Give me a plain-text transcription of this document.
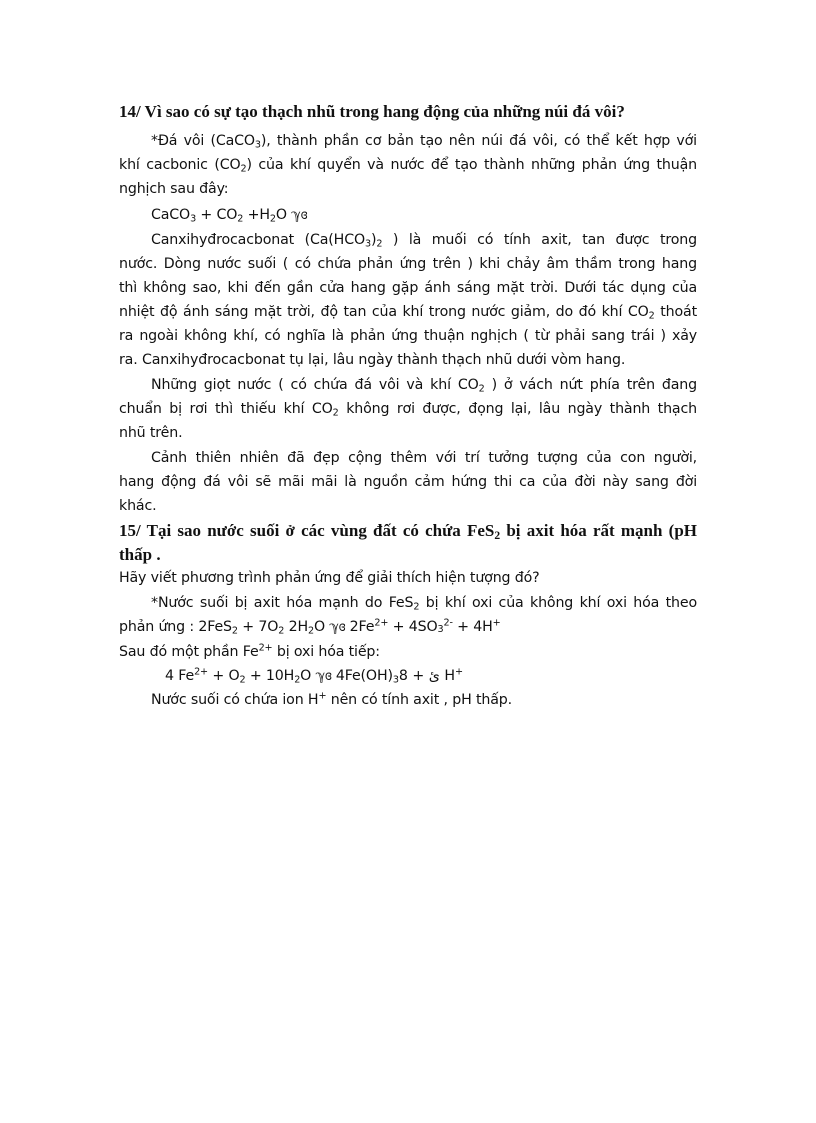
14/ Vì sao có sự tạo thạch nhũ trong hang động của những núi đá vôi?
*Đá vôi (CaCO$_3$), thành phần cơ bản tạo nên núi đá vôi, có thể kết hợp với
khí cacbonic $(CO_2)$ của khí quyển và nước để tạo thành những phản ứng thuận
nghịch sau đây:
CaCO$_3$ + $CO_2 +H_2O$ ℽɞ
Canxihyđrocacbonat ($Ca(HCO_3)_2$ ) là muối có tính axit, tan được trong
nước. Dòng nước suối ( có chứa phản ứng trên ) khi chảy âm thầm trong hang
thì không sao, khi đến gần cửa hang gặp ánh sáng mặt trời. Dưới tác dụng của
nhiệt độ ánh sáng mặt trời, độ tan của khí trong nước giảm, do đó khí $CO_2$ thoát
ra ngoài không khí, có nghĩa là phản ứng thuận nghịch ( từ phải sang trái ) xảy
ra. Canxihyđrocacbonat tụ lại, lâu ngày thành thạch nhũ dưới vòm hang.
Những giọt nước ( có chứa đá vôi và khí $CO_2$ ) ở vách nứt phía trên đang
chuẩn bị rơi thì thiếu khí $CO_2$ không rơi được, đọng lại, lâu ngày thành thạch
nhũ trên.
Cảnh thiên nhiên đã đẹp cộng thêm với trí tưởng tượng của con người,
hang động đá vôi sẽ mãi mãi là nguồn cảm hứng thi ca của đời này sang đời
khác.
15/ Tại sao nước suối ở các vùng đất có chứa FeS$_2$ bị axit hóa rất mạnh (pH
thấp .
Hãy viết phương trình phản ứng để giải thích hiện tượng đó?
*Nước suối bị axit hóa mạnh do FeS$_2$ bị khí oxi của không khí oxi hóa theo
phản ứng : $2FeS_2 + 7O_2$ $2H_2O$ ℽɞ $2Fe^{2+} + 4SO_3^{2-} + 4H^+$
Sau đó một phần $Fe^{2+}$ bị oxi hóa tiếp:
4 $Fe^{2+} + O_2 + 10H_2O$ ℽɞ $4Fe(OH)_3$ ئ + 8 H+
Nước suối có chứa ion H+ nên có tính axit , pH thấp.
